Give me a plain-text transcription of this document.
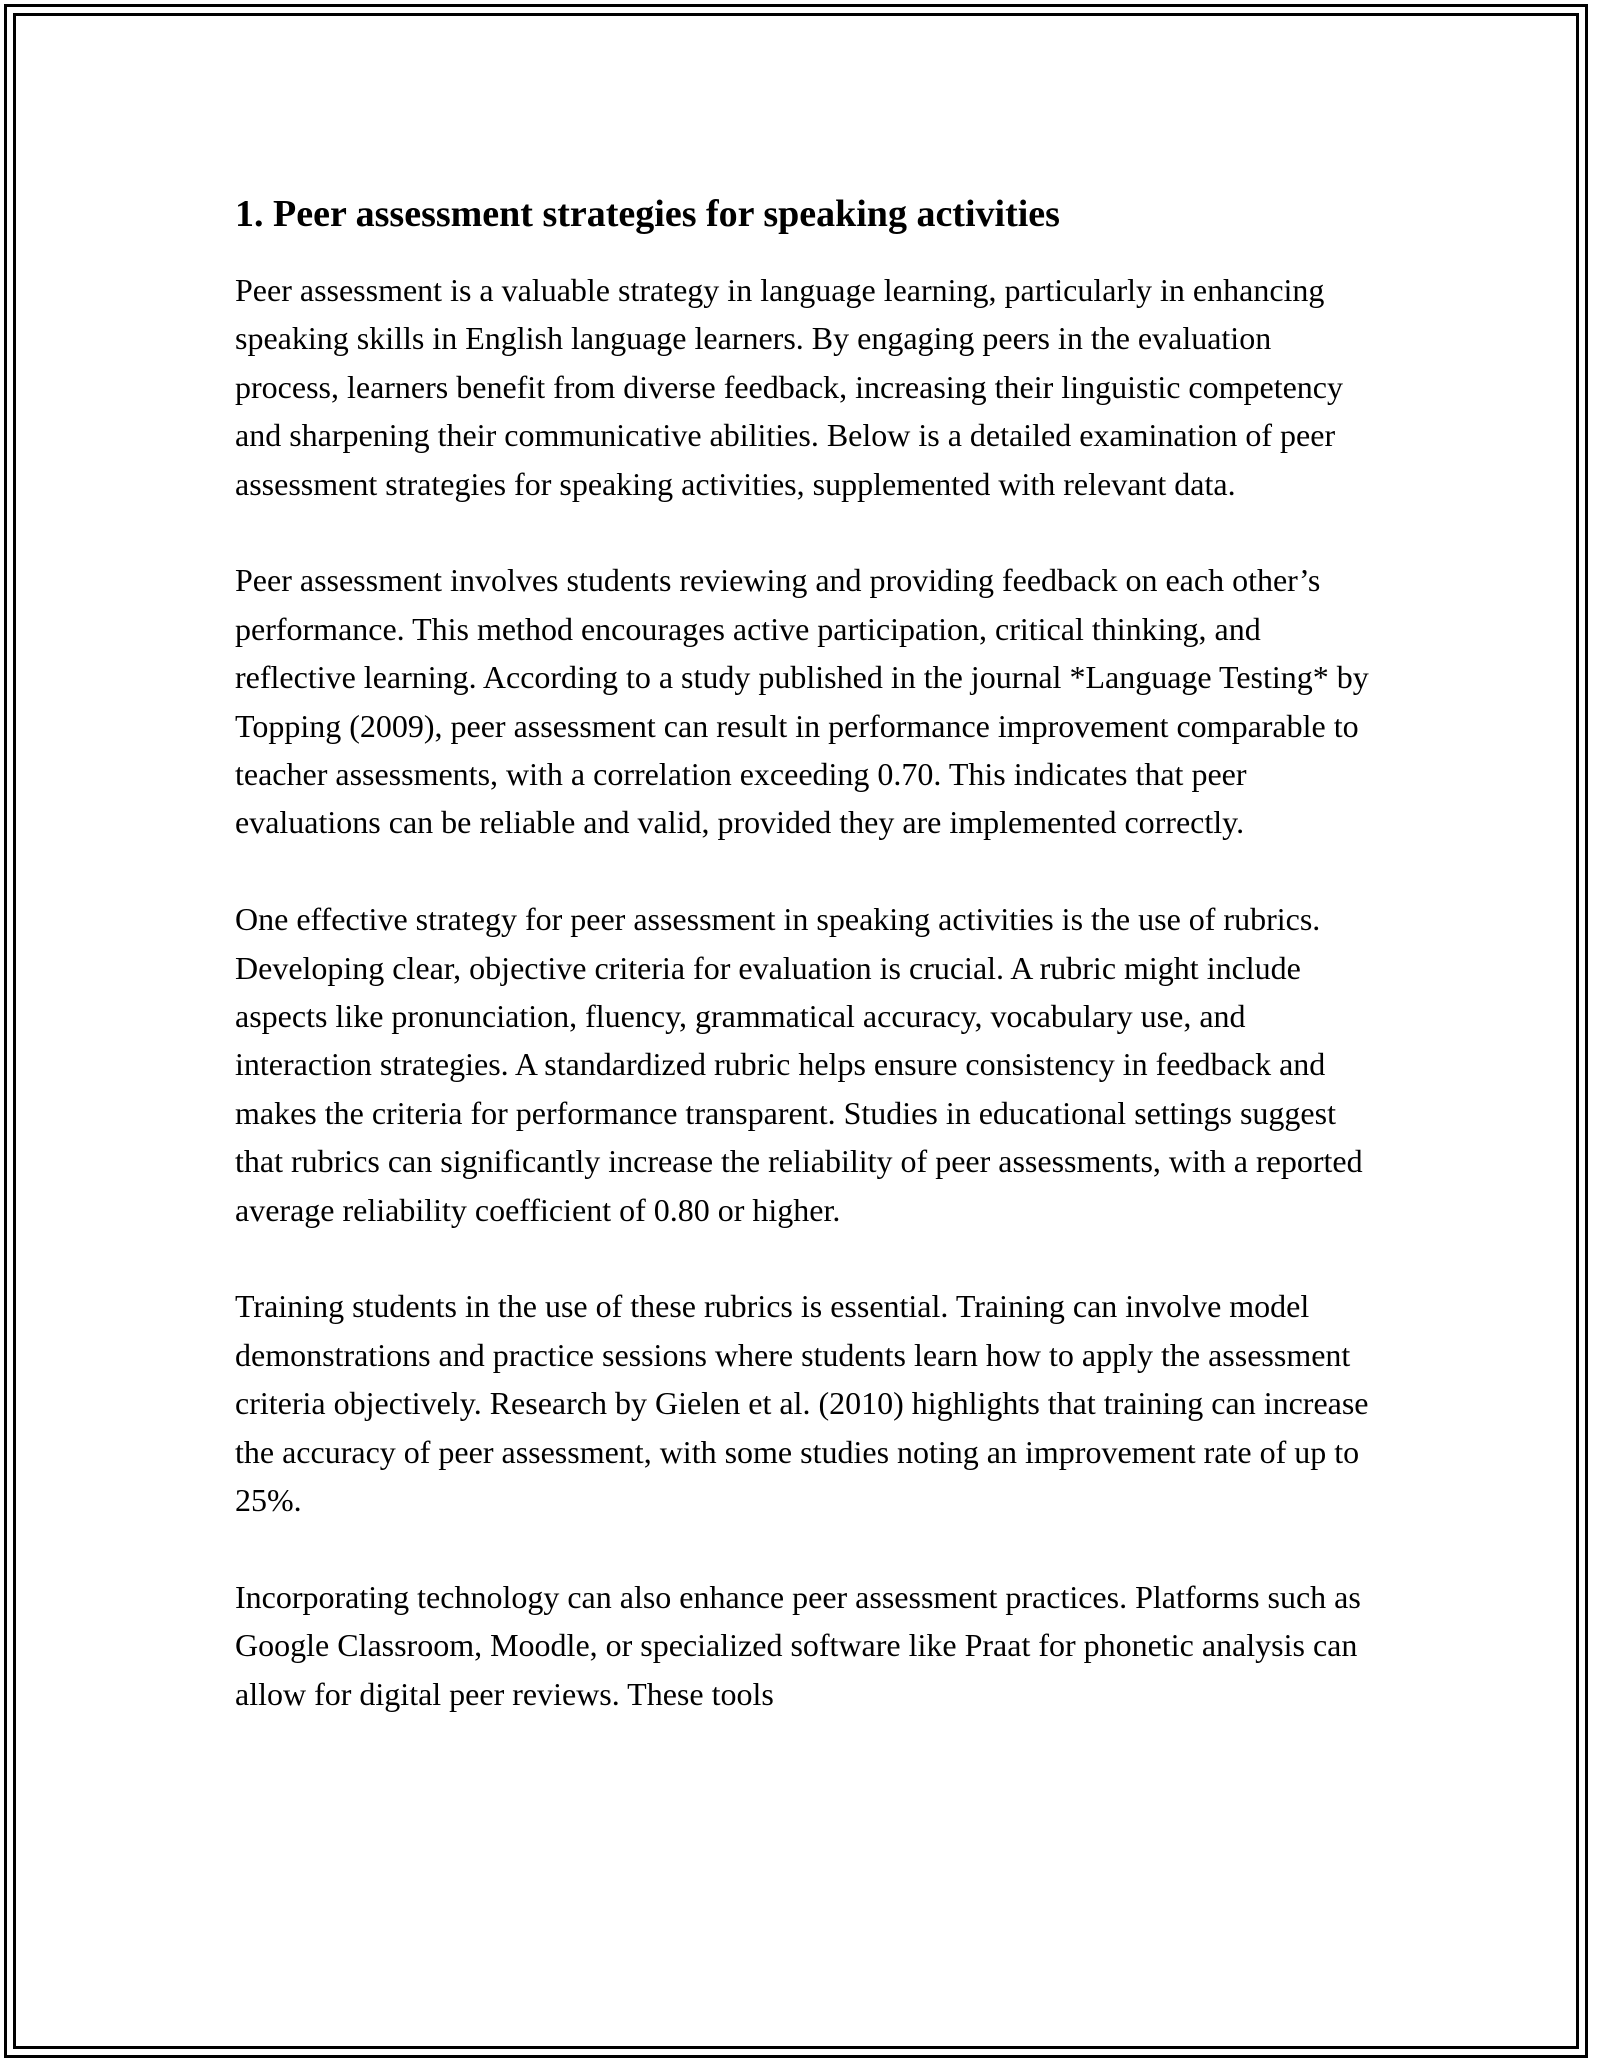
1. Peer assessment strategies for speaking activities

Peer assessment is a valuable strategy in language learning, particularly in enhancing speaking skills in English language learners. By engaging peers in the evaluation process, learners benefit from diverse feedback, increasing their linguistic competency and sharpening their communicative abilities. Below is a detailed examination of peer assessment strategies for speaking activities, supplemented with relevant data.

Peer assessment involves students reviewing and providing feedback on each other’s performance. This method encourages active participation, critical thinking, and reflective learning. According to a study published in the journal *Language Testing* by Topping (2009), peer assessment can result in performance improvement comparable to teacher assessments, with a correlation exceeding 0.70. This indicates that peer evaluations can be reliable and valid, provided they are implemented correctly.

One effective strategy for peer assessment in speaking activities is the use of rubrics. Developing clear, objective criteria for evaluation is crucial. A rubric might include aspects like pronunciation, fluency, grammatical accuracy, vocabulary use, and interaction strategies. A standardized rubric helps ensure consistency in feedback and makes the criteria for performance transparent. Studies in educational settings suggest that rubrics can significantly increase the reliability of peer assessments, with a reported average reliability coefficient of 0.80 or higher.

Training students in the use of these rubrics is essential. Training can involve model demonstrations and practice sessions where students learn how to apply the assessment criteria objectively. Research by Gielen et al. (2010) highlights that training can increase the accuracy of peer assessment, with some studies noting an improvement rate of up to 25%.

Incorporating technology can also enhance peer assessment practices. Platforms such as Google Classroom, Moodle, or specialized software like Praat for phonetic analysis can allow for digital peer reviews. These tools
